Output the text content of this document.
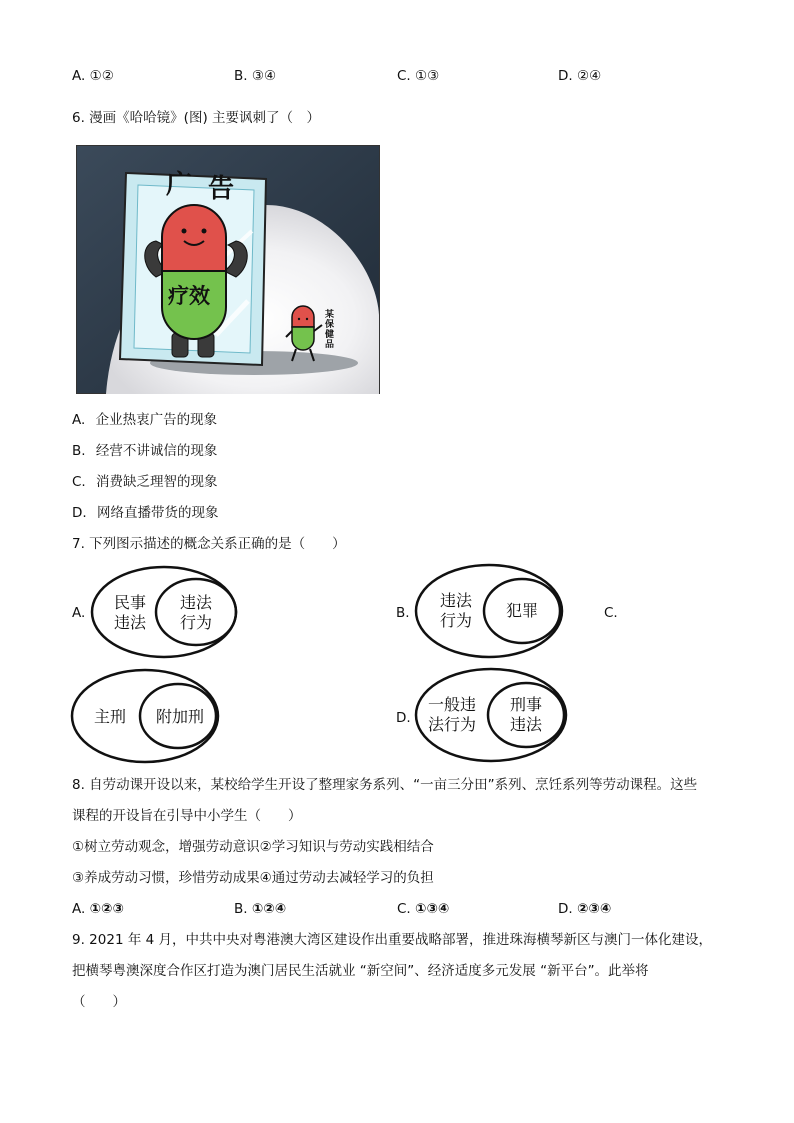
A. ①②	B. ③④	C. ①③	D. ②④
6. 漫画《哈哈镜》(图) 主要讽刺了（　）
广 告
疗效
某
保
健
品
A. 企业热衷广告的现象
B. 经营不讲诚信的现象
C. 消费缺乏理智的现象
D. 网络直播带货的现象
7. 下列图示描述的概念关系正确的是（　　）
A.
民事
违法
违法
行为	B.
违法
行为
犯罪	C.
主刑 附加刑	D.
一般违
法行为
刑事
违法
8. 自劳动课开设以来，某校给学生开设了整理家务系列、“一亩三分田”系列、烹饪系列等劳动课程。这些
课程的开设旨在引导中小学生（　　）
①树立劳动观念，增强劳动意识②学习知识与劳动实践相结合
③养成劳动习惯，珍惜劳动成果④通过劳动去减轻学习的负担
A. ①②③	B. ①②④	C. ①③④	D. ②③④
9. 2021 年 4 月，中共中央对粤港澳大湾区建设作出重要战略部署，推进珠海横琴新区与澳门一体化建设，
把横琴粤澳深度合作区打造为澳门居民生活就业 “新空间”、经济适度多元发展 “新平台”。此举将
（　　）
